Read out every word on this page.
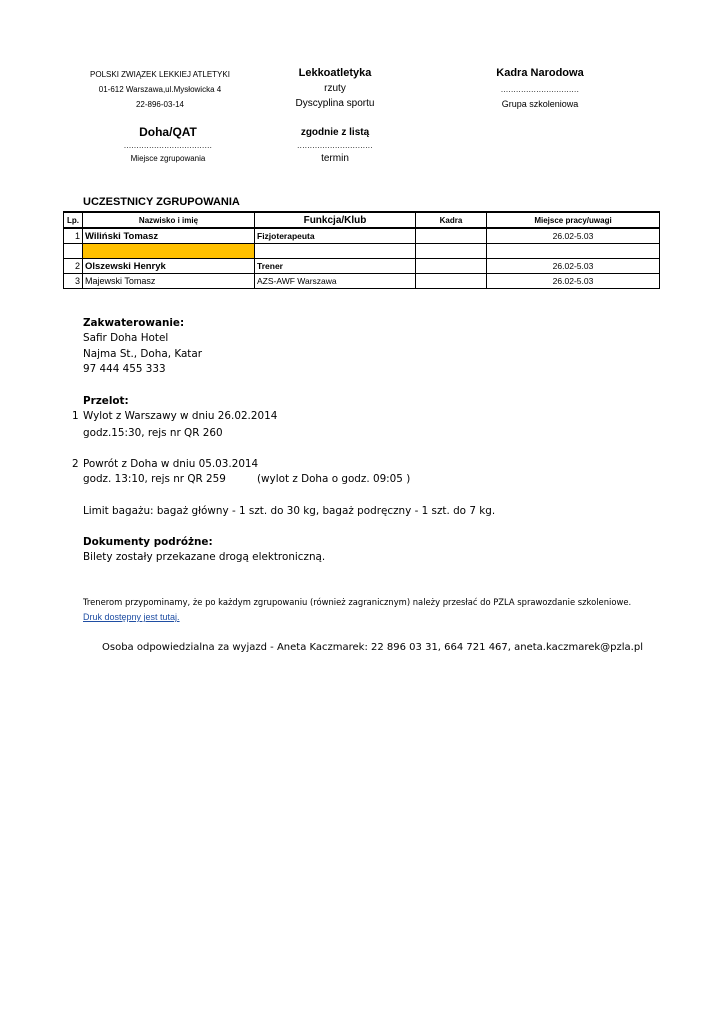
POLSKI ZWIĄZEK LEKKIEJ ATLETYKI
01-612 Warszawa,ul.Mysłowicka 4
22-896-03-14
Lekkoatletyka
rzuty
Dyscyplina sportu
Kadra Narodowa
...............................
Grupa szkoleniowa
Doha/QAT
...................................
Miejsce zgrupowania
zgodnie z listą
..............................
termin
UCZESTNICY ZGRUPOWANIA
Lp.	Nazwisko i imię	Funkcja/Klub	Kadra	Miejsce pracy/uwagi
1	Wiliński Tomasz	Fizjoterapeuta		26.02-5.03

2	Olszewski Henryk	Trener		26.02-5.03
3	Majewski Tomasz	AZS-AWF Warszawa		26.02-5.03
Zakwaterowanie:
Safir Doha Hotel
Najma St., Doha, Katar
97 444 455 333
Przelot:
1 Wylot z Warszawy w dniu 26.02.2014
godz.15:30, rejs nr QR 260
2 Powrót z Doha w dniu 05.03.2014
godz. 13:10, rejs nr QR 259	(wylot z Doha o godz. 09:05 )
Limit bagażu: bagaż główny - 1 szt. do 30 kg, bagaż podręczny - 1 szt. do 7 kg.
Dokumenty podróżne:
Bilety zostały przekazane drogą elektroniczną.
Trenerom przypominamy, że po każdym zgrupowaniu (również zagranicznym) należy przesłać do PZLA sprawozdanie szkoleniowe.
Druk dostępny jest tutaj.
Osoba odpowiedzialna za wyjazd - Aneta Kaczmarek: 22 896 03 31, 664 721 467, aneta.kaczmarek@pzla.pl
